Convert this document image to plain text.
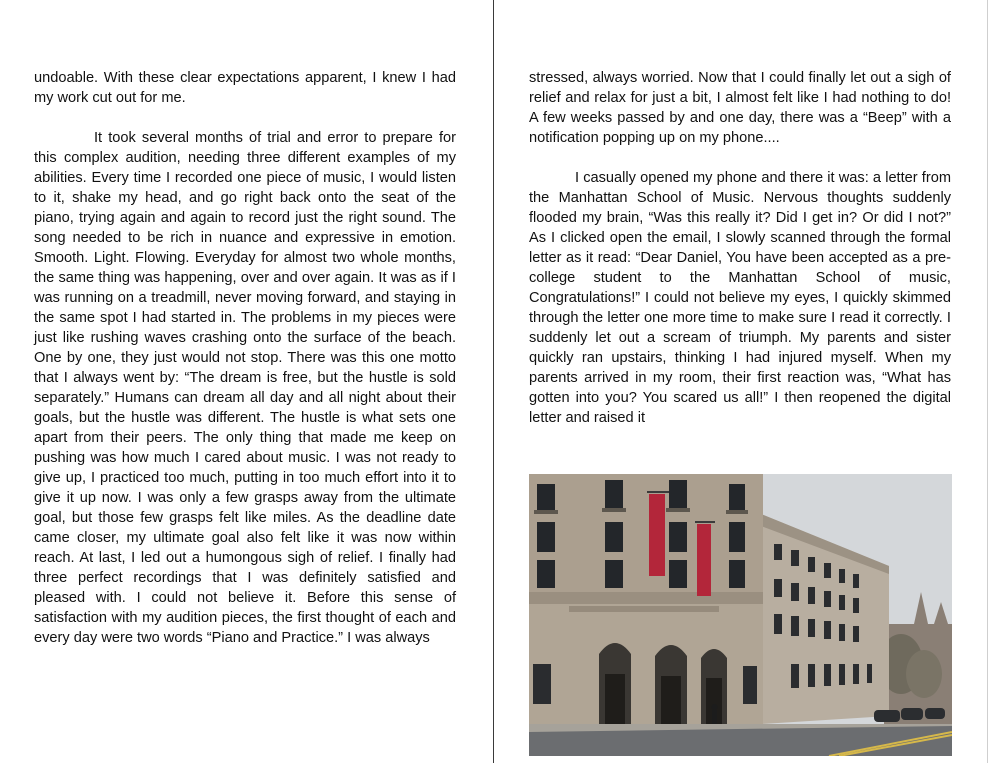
undoable. With these clear expectations apparent, I knew I had my work cut out for me.

It took several months of trial and error to prepare for this complex audition, needing three different examples of my abilities. Every time I recorded one piece of music, I would listen to it, shake my head, and go right back onto the seat of the piano, trying again and again to record just the right sound. The song needed to be rich in nuance and expressive in emotion. Smooth. Light. Flowing. Everyday for almost two whole months, the same thing was happening, over and over again. It was as if I was running on a treadmill, never moving forward, and staying in the same spot I had started in. The problems in my pieces were just like rushing waves crashing onto the surface of the beach. One by one, they just would not stop. There was this one motto that I always went by: “The dream is free, but the hustle is sold separately.” Humans can dream all day and all night about their goals, but the hustle was different. The hustle is what sets one apart from their peers. The only thing that made me keep on pushing was how much I cared about music. I was not ready to give up, I practiced too much, putting in too much effort into it to give it up now. I was only a few grasps away from the ultimate goal, but those few grasps felt like miles. As the deadline date came closer, my ultimate goal also felt like it was now within reach. At last, I led out a humongous sigh of relief. I finally had three perfect recordings that I was definitely satisfied and pleased with. I could not believe it. Before this sense of satisfaction with my audition pieces, the first thought of each and every day were two words “Piano and Practice.” I was always

stressed, always worried. Now that I could finally let out a sigh of relief and relax for just a bit, I almost felt like I had nothing to do! A few weeks passed by and one day, there was a “Beep” with a notification popping up on my phone....

I casually opened my phone and there it was: a letter from the Manhattan School of Music. Nervous thoughts suddenly flooded my brain, “Was this really it? Did I get in? Or did I not?” As I clicked open the email, I slowly scanned through the formal letter as it read: “Dear Daniel, You have been accepted as a pre-college student to the Manhattan School of music, Congratulations!” I could not believe my eyes, I quickly skimmed through the letter one more time to make sure I read it correctly. I suddenly let out a scream of triumph. My parents and sister quickly ran upstairs, thinking I had injured myself. When my parents arrived in my room, their first reaction was, “What has gotten into you? You scared us all!” I then reopened the digital letter and raised it
